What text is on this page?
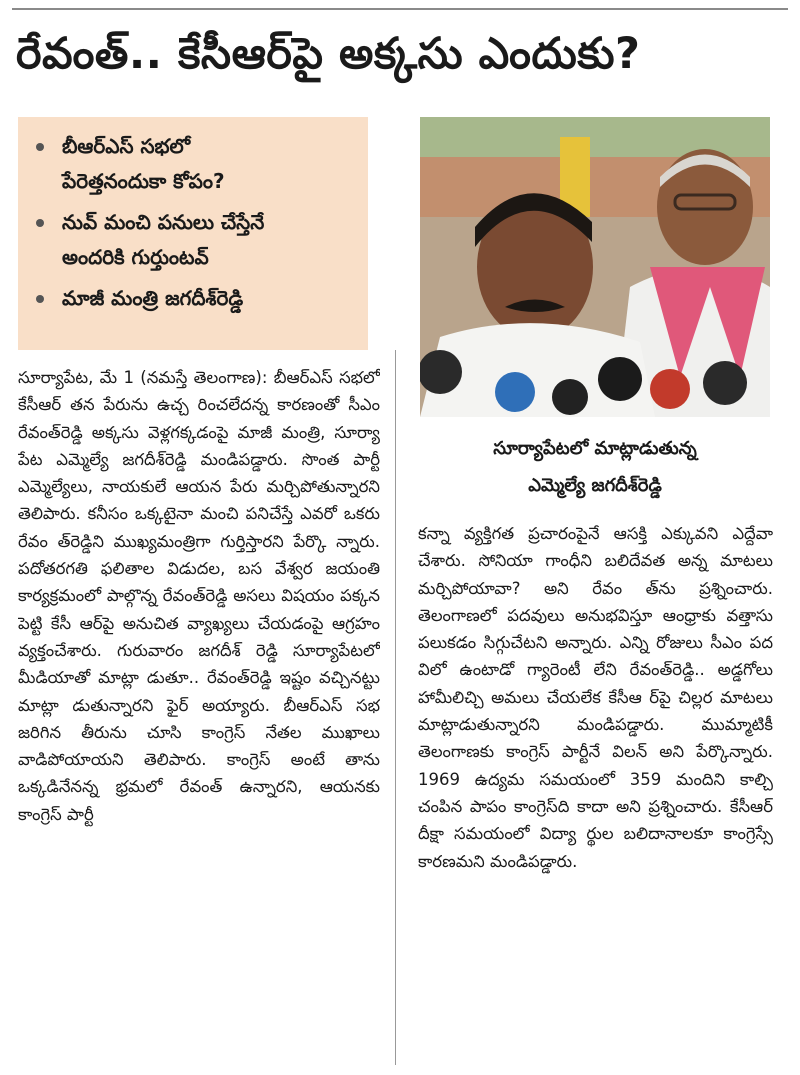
రేవంత్‌.. కేసీఆర్‌పై అక్కసు ఎందుకు?
బీఆర్‌ఎస్‌ సభలో
పేరెత్తనందుకా కోపం?
నువ్‌ మంచి పనులు చేస్తేనే
అందరికి గుర్తుంటవ్‌
మాజీ మంత్రి జగదీశ్‌రెడ్డి
సూర్యాపేటలో మాట్లాడుతున్న
ఎమ్మెల్యే జగదీశ్‌రెడ్డి
సూర్యాపేట, మే 1 (నమస్తే తెలంగాణ): బీఆర్‌ఎస్‌ సభలో కేసీఆర్‌ తన పేరును ఉచ్చ రించలేదన్న కారణంతో సీఎం రేవంత్‌రెడ్డి అక్కసు వెళ్లగక్కడంపై మాజీ మంత్రి, సూర్యా పేట ఎమ్మెల్యే జగదీశ్‌రెడ్డి మండిపడ్డారు. సొంత పార్టీ ఎమ్మెల్యేలు, నాయకులే ఆయన పేరు మర్చిపోతున్నారని తెలిపారు. కనీసం ఒక్కటైనా మంచి పనిచేస్తే ఎవరో ఒకరు రేవం త్‌రెడ్డిని ముఖ్యమంత్రిగా గుర్తిస్తారని పేర్కొ న్నారు. పదోతరగతి ఫలితాల విడుదల, బస వేశ్వర జయంతి కార్యక్రమంలో పాల్గొన్న రేవంత్‌రెడ్డి అసలు విషయం పక్కన పెట్టి కేసీ ఆర్‌పై అనుచిత వ్యాఖ్యలు చేయడంపై ఆగ్రహం వ్యక్తంచేశారు. గురువారం జగదీశ్‌ రెడ్డి సూర్యాపేటలో మీడియాతో మాట్లా డుతూ.. రేవంత్‌రెడ్డి ఇష్టం వచ్చినట్టు మాట్లా డుతున్నారని ఫైర్‌ అయ్యారు. బీఆర్‌ఎస్‌ సభ జరిగిన తీరును చూసి కాంగ్రెస్‌ నేతల ముఖాలు వాడిపోయాయని తెలిపారు. కాంగ్రెస్‌ అంటే తాను ఒక్కడినేనన్న భ్రమలో రేవంత్‌ ఉన్నారని, ఆయనకు కాంగ్రెస్‌ పార్టీ
కన్నా వ్యక్తిగత ప్రచారంపైనే ఆసక్తి ఎక్కువని ఎద్దేవా చేశారు. సోనియా గాంధీని బలిదేవత అన్న మాటలు మర్చిపోయావా? అని రేవం త్‌ను ప్రశ్నించారు. తెలంగాణలో పదవులు అనుభవిస్తూ ఆంధ్రాకు వత్తాసు పలుకడం సిగ్గుచేటని అన్నారు. ఎన్ని రోజులు సీఎం పద విలో ఉంటాడో గ్యారెంటీ లేని రేవంత్‌రెడ్డి.. అడ్డగోలు హామీలిచ్చి అమలు చేయలేక కేసీఆ ర్‌పై చిల్లర మాటలు మాట్లాడుతున్నారని మండిపడ్డారు. ముమ్మాటికీ తెలంగాణకు కాంగ్రెస్‌ పార్టీనే విలన్‌ అని పేర్కొన్నారు. 1969 ఉద్యమ సమయంలో 359 మందిని కాల్చి చంపిన పాపం కాంగ్రెస్‌ది కాదా అని ప్రశ్నించారు. కేసీఆర్‌ దీక్షా సమయంలో విద్యా ర్థుల బలిదానాలకూ కాంగ్రెస్సే కారణమని మండిపడ్డారు.
